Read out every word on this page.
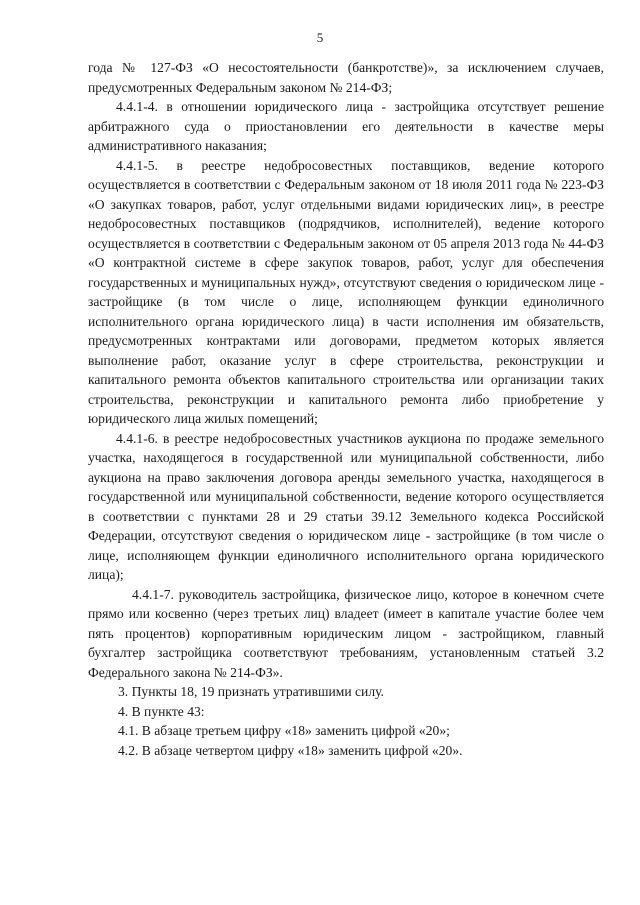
5

года № 127-ФЗ «О несостоятельности (банкротстве)», за исключением случаев, предусмотренных Федеральным законом № 214-ФЗ;

4.4.1-4. в отношении юридического лица - застройщика отсутствует решение арбитражного суда о приостановлении его деятельности в качестве меры административного наказания;

4.4.1-5. в реестре недобросовестных поставщиков, ведение которого осуществляется в соответствии с Федеральным законом от 18 июля 2011 года № 223-ФЗ «О закупках товаров, работ, услуг отдельными видами юридических лиц», в реестре недобросовестных поставщиков (подрядчиков, исполнителей), ведение которого осуществляется в соответствии с Федеральным законом от 05 апреля 2013 года № 44-ФЗ «О контрактной системе в сфере закупок товаров, работ, услуг для обеспечения государственных и муниципальных нужд», отсутствуют сведения о юридическом лице - застройщике (в том числе о лице, исполняющем функции единоличного исполнительного органа юридического лица) в части исполнения им обязательств, предусмотренных контрактами или договорами, предметом которых является выполнение работ, оказание услуг в сфере строительства, реконструкции и капитального ремонта объектов капитального строительства или организации таких строительства, реконструкции и капитального ремонта либо приобретение у юридического лица жилых помещений;

4.4.1-6. в реестре недобросовестных участников аукциона по продаже земельного участка, находящегося в государственной или муниципальной собственности, либо аукциона на право заключения договора аренды земельного участка, находящегося в государственной или муниципальной собственности, ведение которого осуществляется в соответствии с пунктами 28 и 29 статьи 39.12 Земельного кодекса Российской Федерации, отсутствуют сведения о юридическом лице - застройщике (в том числе о лице, исполняющем функции единоличного исполнительного органа юридического лица);

4.4.1-7. руководитель застройщика, физическое лицо, которое в конечном счете прямо или косвенно (через третьих лиц) владеет (имеет в капитале участие более чем пять процентов) корпоративным юридическим лицом - застройщиком, главный бухгалтер застройщика соответствуют требованиям, установленным статьей 3.2 Федерального закона № 214-ФЗ».

3. Пункты 18, 19 признать утратившими силу.

4. В пункте 43:

4.1. В абзаце третьем цифру «18» заменить цифрой «20»;

4.2. В абзаце четвертом цифру «18» заменить цифрой «20».
